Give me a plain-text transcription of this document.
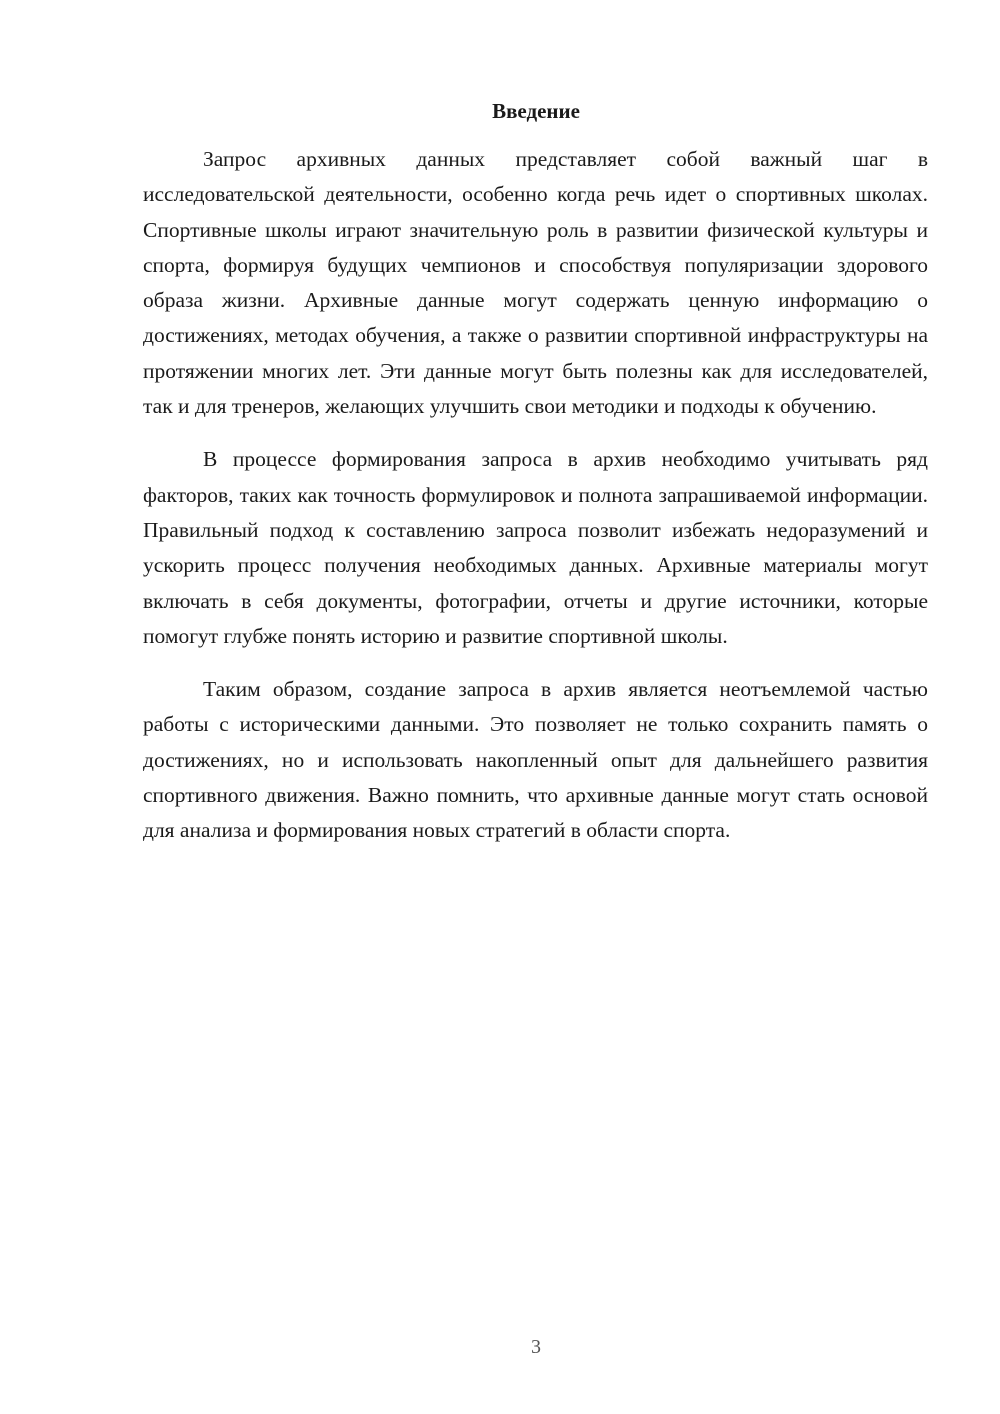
Введение

Запрос архивных данных представляет собой важный шаг в исследовательской деятельности, особенно когда речь идет о спортивных школах. Спортивные школы играют значительную роль в развитии физической культуры и спорта, формируя будущих чемпионов и способствуя популяризации здорового образа жизни. Архивные данные могут содержать ценную информацию о достижениях, методах обучения, а также о развитии спортивной инфраструктуры на протяжении многих лет. Эти данные могут быть полезны как для исследователей, так и для тренеров, желающих улучшить свои методики и подходы к обучению.

В процессе формирования запроса в архив необходимо учитывать ряд факторов, таких как точность формулировок и полнота запрашиваемой информации. Правильный подход к составлению запроса позволит избежать недоразумений и ускорить процесс получения необходимых данных. Архивные материалы могут включать в себя документы, фотографии, отчеты и другие источники, которые помогут глубже понять историю и развитие спортивной школы.

Таким образом, создание запроса в архив является неотъемлемой частью работы с историческими данными. Это позволяет не только сохранить память о достижениях, но и использовать накопленный опыт для дальнейшего развития спортивного движения. Важно помнить, что архивные данные могут стать основой для анализа и формирования новых стратегий в области спорта.

3
